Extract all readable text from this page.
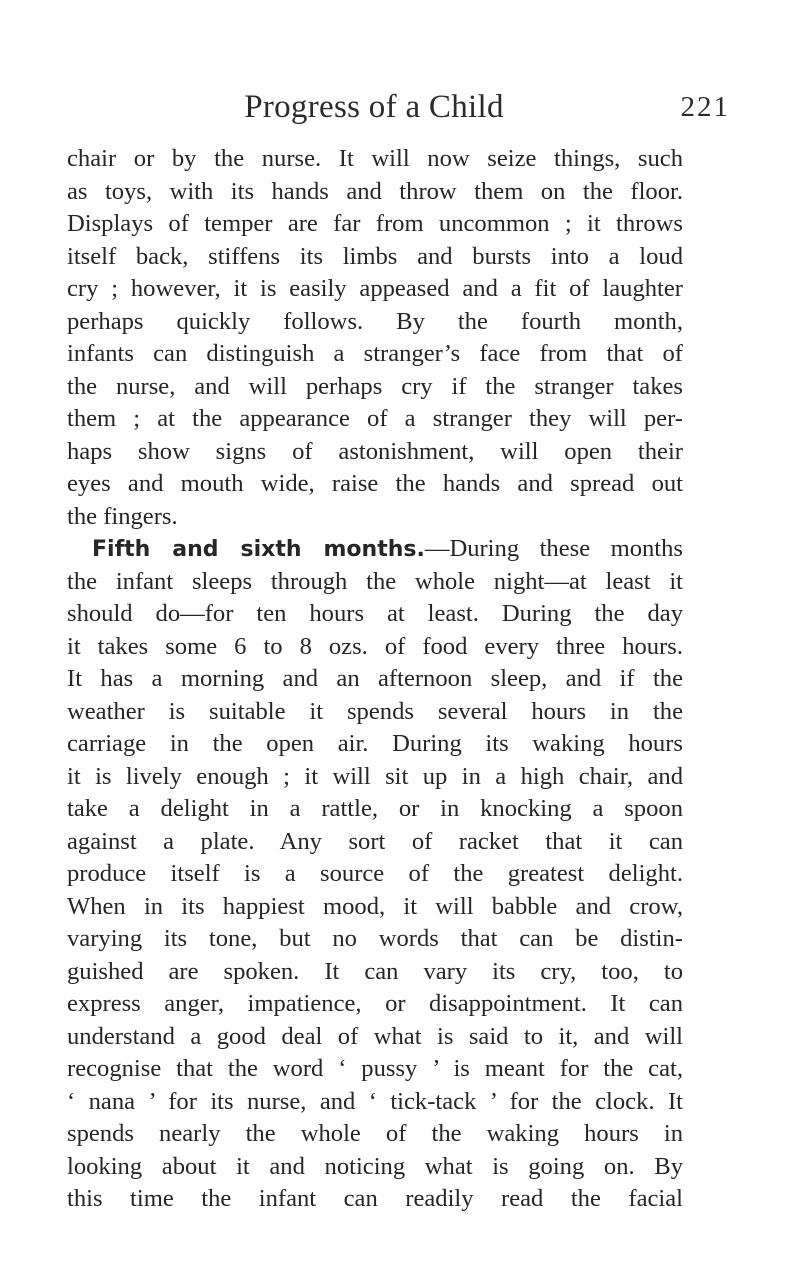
Progress of a Child	221
chair or by the nurse. It will now seize things, such
as toys, with its hands and throw them on the floor.
Displays of temper are far from uncommon ; it throws
itself back, stiffens its limbs and bursts into a loud
cry ; however, it is easily appeased and a fit of laughter
perhaps quickly follows. By the fourth month,
infants can distinguish a stranger’s face from that of
the nurse, and will perhaps cry if the stranger takes
them ; at the appearance of a stranger they will per-
haps show signs of astonishment, will open their
eyes and mouth wide, raise the hands and spread out
the fingers.
Fifth and sixth months.—During these months
the infant sleeps through the whole night—at least it
should do—for ten hours at least. During the day
it takes some 6 to 8 ozs. of food every three hours.
It has a morning and an afternoon sleep, and if the
weather is suitable it spends several hours in the
carriage in the open air. During its waking hours
it is lively enough ; it will sit up in a high chair, and
take a delight in a rattle, or in knocking a spoon
against a plate. Any sort of racket that it can
produce itself is a source of the greatest delight.
When in its happiest mood, it will babble and crow,
varying its tone, but no words that can be distin-
guished are spoken. It can vary its cry, too, to
express anger, impatience, or disappointment. It can
understand a good deal of what is said to it, and will
recognise that the word ‘ pussy ’ is meant for the cat,
‘ nana ’ for its nurse, and ‘ tick-tack ’ for the clock. It
spends nearly the whole of the waking hours in
looking about it and noticing what is going on. By
this time the infant can readily read the facial
